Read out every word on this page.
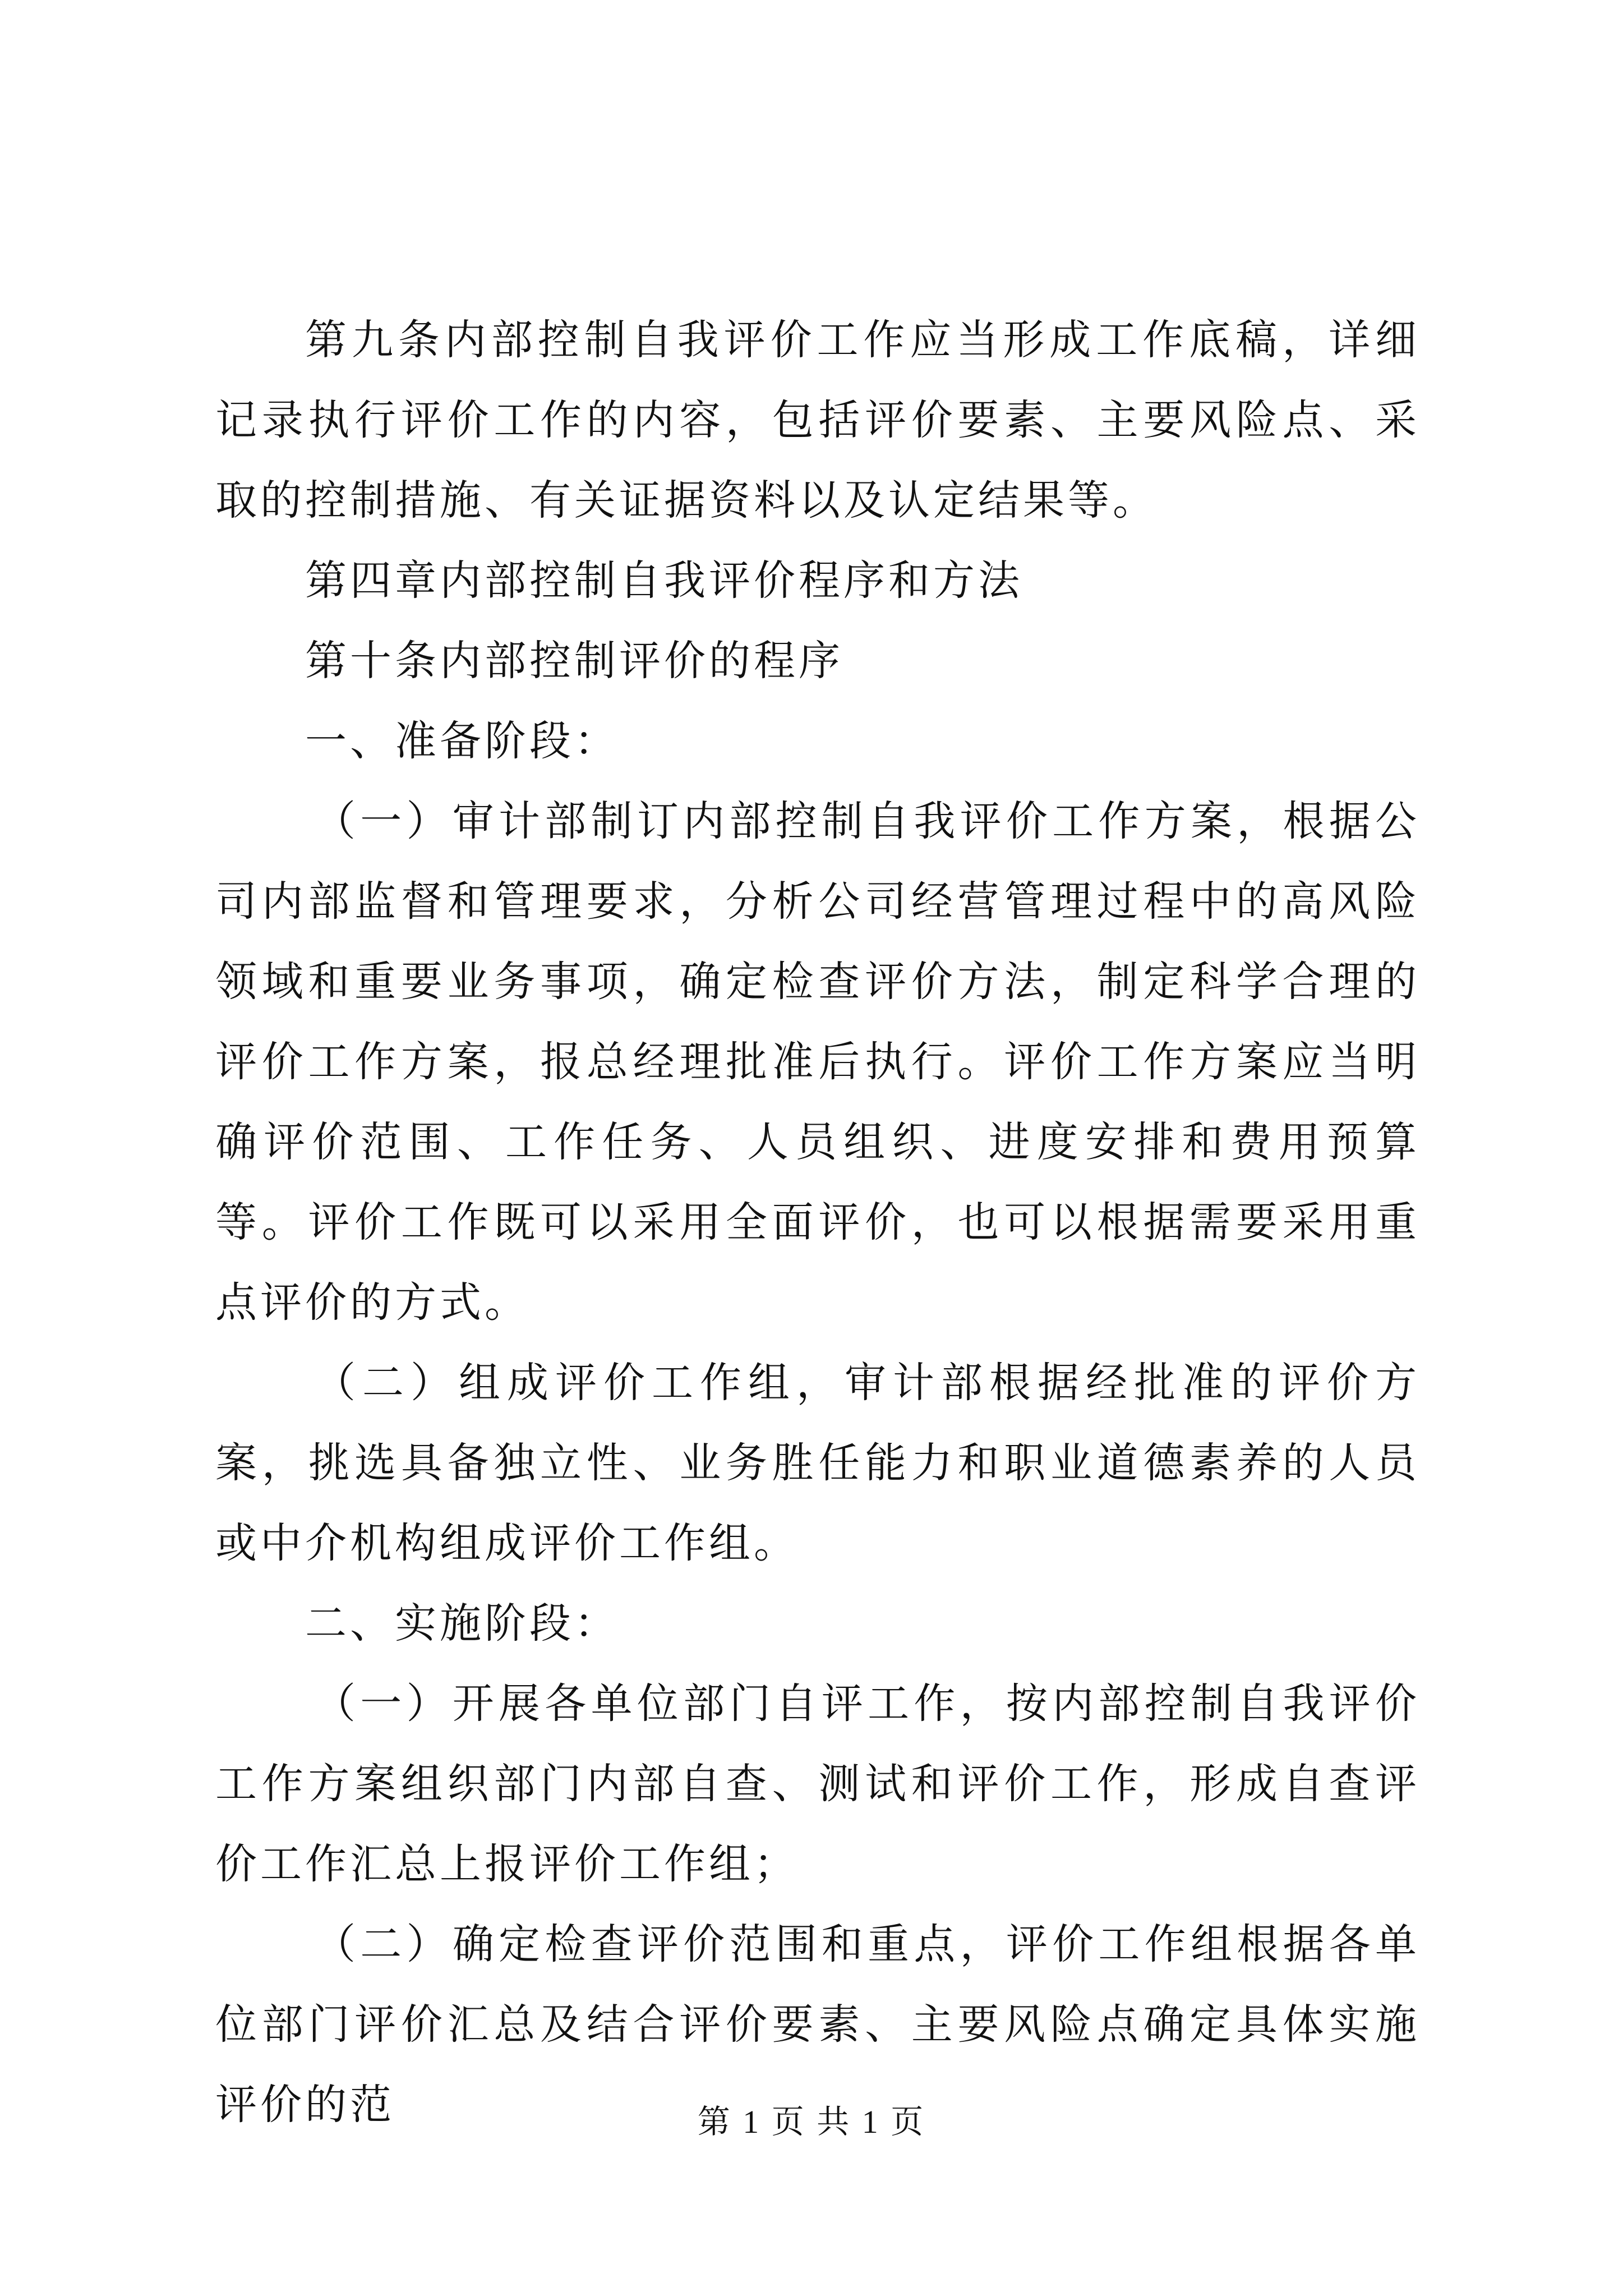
第九条内部控制自我评价工作应当形成工作底稿，详细记录执行评价工作的内容，包括评价要素、主要风险点、采取的控制措施、有关证据资料以及认定结果等。

第四章内部控制自我评价程序和方法

第十条内部控制评价的程序

一、准备阶段：

（一）审计部制订内部控制自我评价工作方案，根据公司内部监督和管理要求，分析公司经营管理过程中的高风险领域和重要业务事项，确定检查评价方法，制定科学合理的评价工作方案，报总经理批准后执行。评价工作方案应当明确评价范围、工作任务、人员组织、进度安排和费用预算等。评价工作既可以采用全面评价，也可以根据需要采用重点评价的方式。

（二）组成评价工作组，审计部根据经批准的评价方案，挑选具备独立性、业务胜任能力和职业道德素养的人员或中介机构组成评价工作组。

二、实施阶段：

（一）开展各单位部门自评工作，按内部控制自我评价工作方案组织部门内部自查、测试和评价工作，形成自查评价工作汇总上报评价工作组；

（二）确定检查评价范围和重点，评价工作组根据各单位部门评价汇总及结合评价要素、主要风险点确定具体实施评价的范	第 1 页 共 1 页
